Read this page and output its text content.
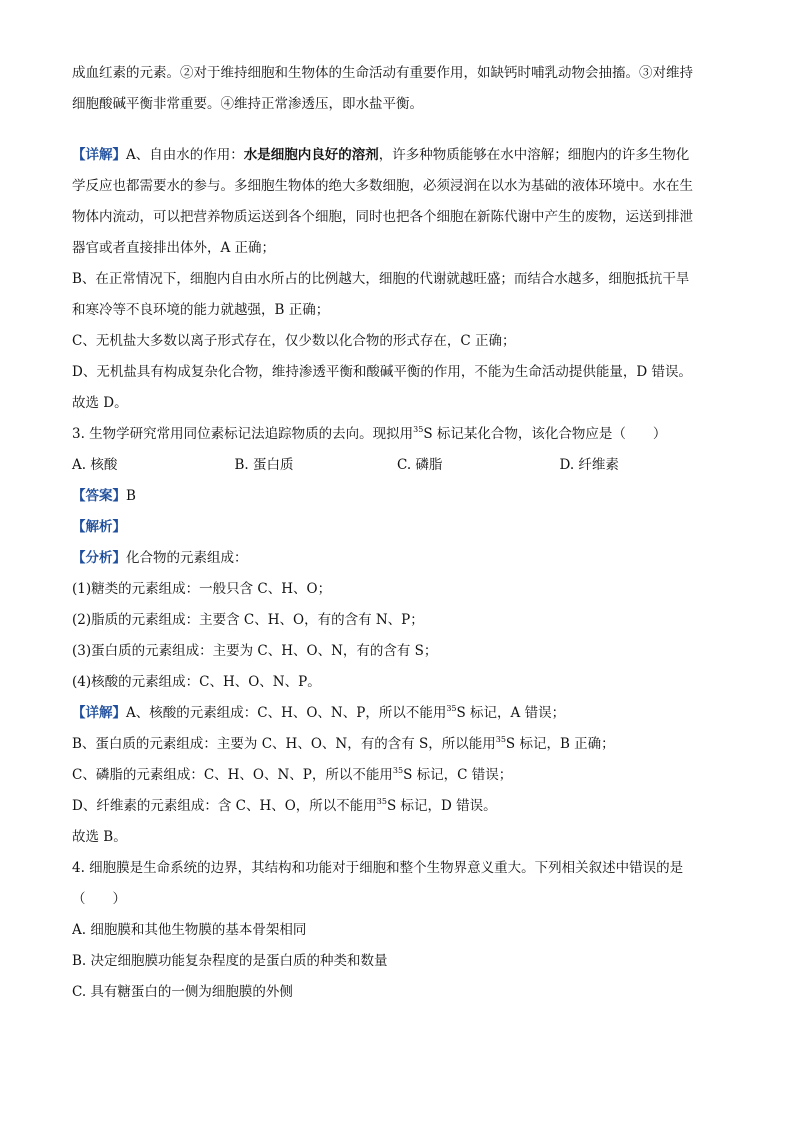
成血红素的元素。②对于维持细胞和生物体的生命活动有重要作用，如缺钙时哺乳动物会抽搐。③对维持
细胞酸碱平衡非常重要。④维持正常渗透压，即水盐平衡。
【详解】A、自由水的作用：水是细胞内良好的溶剂，许多种物质能够在水中溶解；细胞内的许多生物化
学反应也都需要水的参与。多细胞生物体的绝大多数细胞，必须浸润在以水为基础的液体环境中。水在生
物体内流动，可以把营养物质运送到各个细胞，同时也把各个细胞在新陈代谢中产生的废物，运送到排泄
器官或者直接排出体外，A 正确；
B、在正常情况下，细胞内自由水所占的比例越大，细胞的代谢就越旺盛；而结合水越多，细胞抵抗干旱
和寒冷等不良环境的能力就越强，B 正确；
C、无机盐大多数以离子形式存在，仅少数以化合物的形式存在，C 正确；
D、无机盐具有构成复杂化合物，维持渗透平衡和酸碱平衡的作用，不能为生命活动提供能量，D 错误。
故选 D。
3. 生物学研究常用同位素标记法追踪物质的去向。现拟用$^{35}$S 标记某化合物，该化合物应是（　　）
A. 核酸	B. 蛋白质	C. 磷脂	D. 纤维素
【答案】B
【解析】
【分析】化合物的元素组成：
(1)糖类的元素组成：一般只含 C、H、O；
(2)脂质的元素组成：主要含 C、H、O，有的含有 N、P；
(3)蛋白质的元素组成：主要为 C、H、O、N，有的含有 S；
(4)核酸的元素组成：C、H、O、N、P。
【详解】A、核酸的元素组成：C、H、O、N、P，所以不能用$^{35}$S 标记，A 错误；
B、蛋白质的元素组成：主要为 C、H、O、N，有的含有 S，所以能用$^{35}$S 标记，B 正确；
C、磷脂的元素组成：C、H、O、N、P，所以不能用$^{35}$S 标记，C 错误；
D、纤维素的元素组成：含 C、H、O，所以不能用$^{35}$S 标记，D 错误。
故选 B。
4. 细胞膜是生命系统的边界，其结构和功能对于细胞和整个生物界意义重大。下列相关叙述中错误的是
（　　）
A. 细胞膜和其他生物膜的基本骨架相同
B. 决定细胞膜功能复杂程度的是蛋白质的种类和数量
C. 具有糖蛋白的一侧为细胞膜的外侧
